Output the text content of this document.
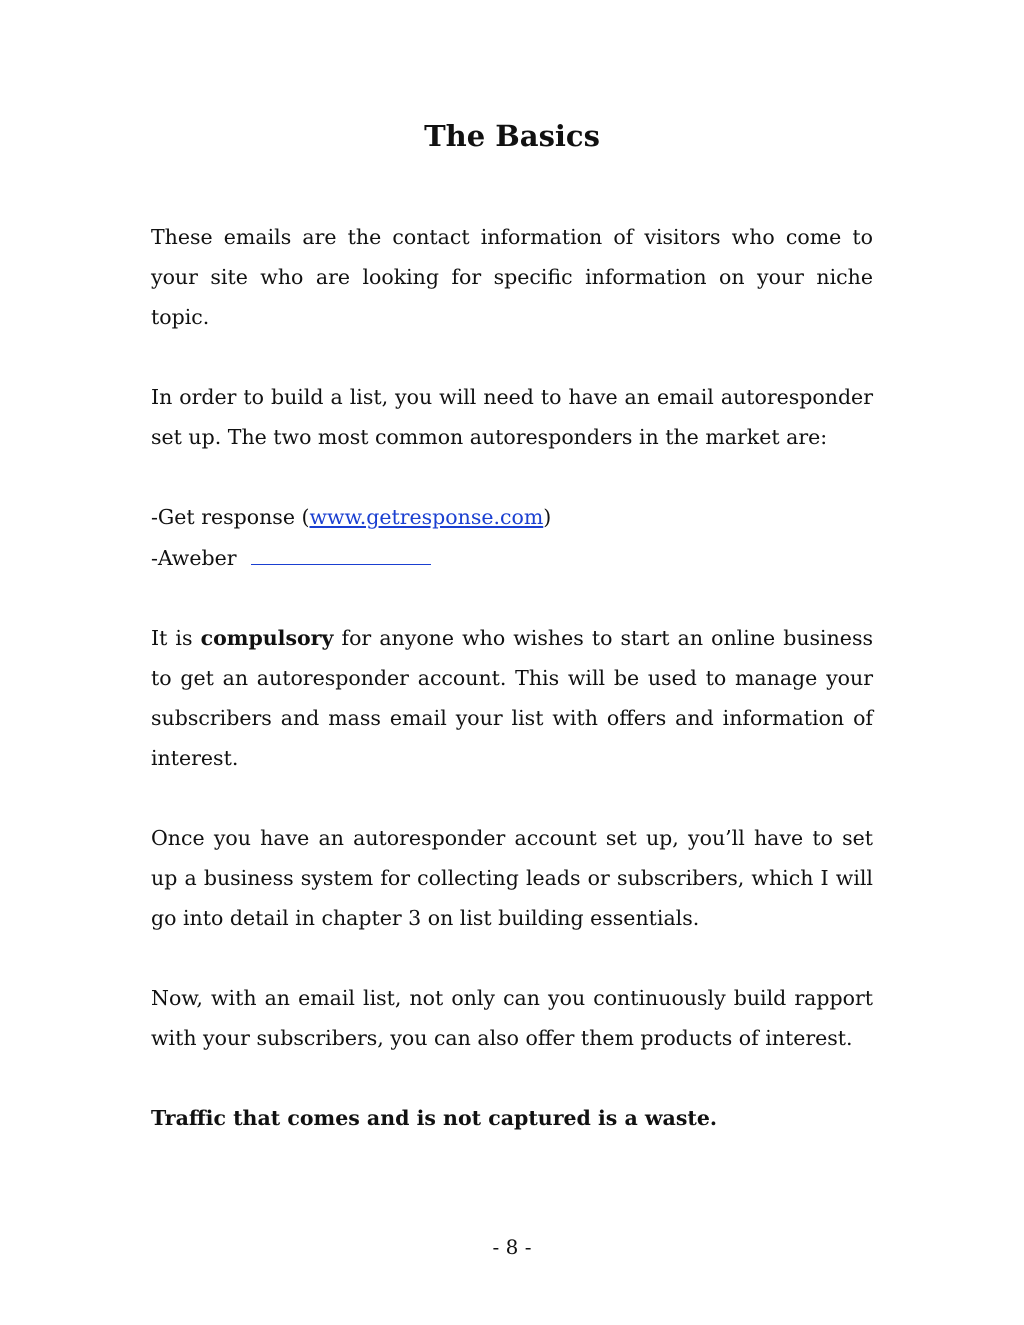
The Basics

These emails are the contact information of visitors who come to your site who are looking for specific information on your niche topic.

In order to build a list, you will need to have an email autoresponder set up. The two most common autoresponders in the market are:

-Get response (www.getresponse.com)
-Aweber

It is compulsory for anyone who wishes to start an online business to get an autoresponder account. This will be used to manage your subscribers and mass email your list with offers and information of interest.

Once you have an autoresponder account set up, you’ll have to set up a business system for collecting leads or subscribers, which I will go into detail in chapter 3 on list building essentials.

Now, with an email list, not only can you continuously build rapport with your subscribers, you can also offer them products of interest.

Traffic that comes and is not captured is a waste.

- 8 -
